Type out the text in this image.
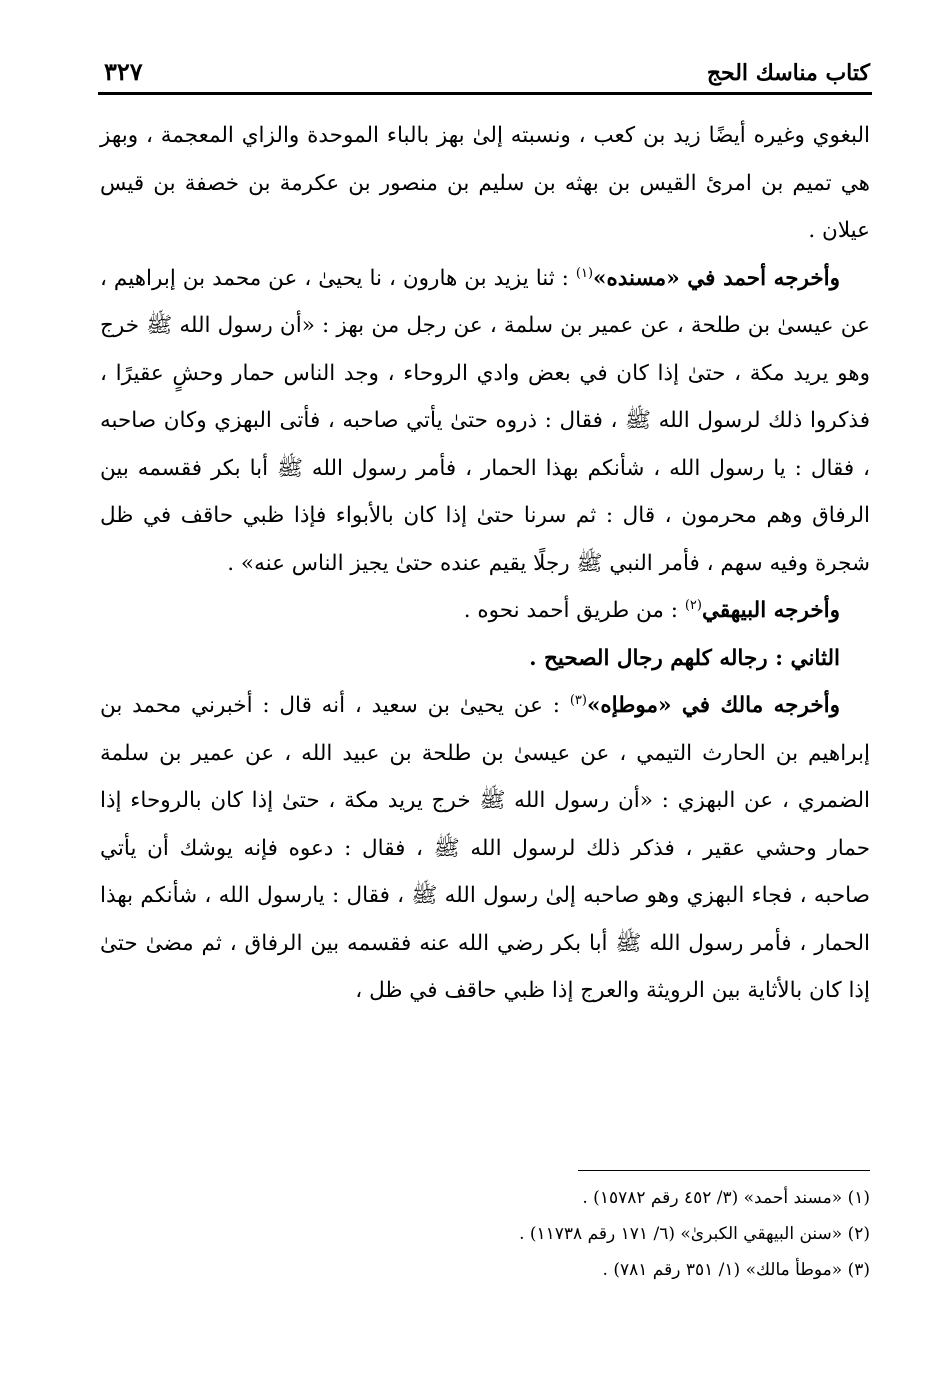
كتاب مناسك الحج
٣٢٧

البغوي وغيره أيضًا زيد بن كعب ، ونسبته إلىٰ بهز بالباء الموحدة والزاي المعجمة ، وبهز هي تميم بن امرئ القيس بن بهثه بن سليم بن منصور بن عكرمة بن خصفة بن قيس عيلان .

وأخرجه أحمد في «مسنده»$^{(١)}$ : ثنا يزيد بن هارون ، نا يحيىٰ ، عن محمد بن إبراهيم ، عن عيسىٰ بن طلحة ، عن عمير بن سلمة ، عن رجل من بهز : «أن رسول الله ﷺ خرج وهو يريد مكة ، حتىٰ إذا كان في بعض وادي الروحاء ، وجد الناس حمار وحشٍ عقيرًا ، فذكروا ذلك لرسول الله ﷺ ، فقال : ذروه حتىٰ يأتي صاحبه ، فأتى البهزي وكان صاحبه ، فقال : يا رسول الله ، شأنكم بهذا الحمار ، فأمر رسول الله ﷺ أبا بكر فقسمه بين الرفاق وهم محرمون ، قال : ثم سرنا حتىٰ إذا كان بالأبواء فإذا ظبي حاقف في ظل شجرة وفيه سهم ، فأمر النبي ﷺ رجلًا يقيم عنده حتىٰ يجيز الناس عنه» .

وأخرجه البيهقي$^{(٢)}$ : من طريق أحمد نحوه .

الثاني : رجاله كلهم رجال الصحيح .

وأخرجه مالك في «موطإه»$^{(٣)}$ : عن يحيىٰ بن سعيد ، أنه قال : أخبرني محمد بن إبراهيم بن الحارث التيمي ، عن عيسىٰ بن طلحة بن عبيد الله ، عن عمير بن سلمة الضمري ، عن البهزي : «أن رسول الله ﷺ خرج يريد مكة ، حتىٰ إذا كان بالروحاء إذا حمار وحشي عقير ، فذكر ذلك لرسول الله ﷺ ، فقال : دعوه فإنه يوشك أن يأتي صاحبه ، فجاء البهزي وهو صاحبه إلىٰ رسول الله ﷺ ، فقال : يارسول الله ، شأنكم بهذا الحمار ، فأمر رسول الله ﷺ أبا بكر رضي الله عنه فقسمه بين الرفاق ، ثم مضىٰ حتىٰ إذا كان بالأثاية بين الرويثة والعرج إذا ظبي حاقف في ظل ،

(١) «مسند أحمد» (٣/ ٤٥٢ رقم ١٥٧٨٢) .

(٢) «سنن البيهقي الكبرىٰ» (٦/ ١٧١ رقم ١١٧٣٨) .

(٣) «موطأ مالك» (١/ ٣٥١ رقم ٧٨١) .
